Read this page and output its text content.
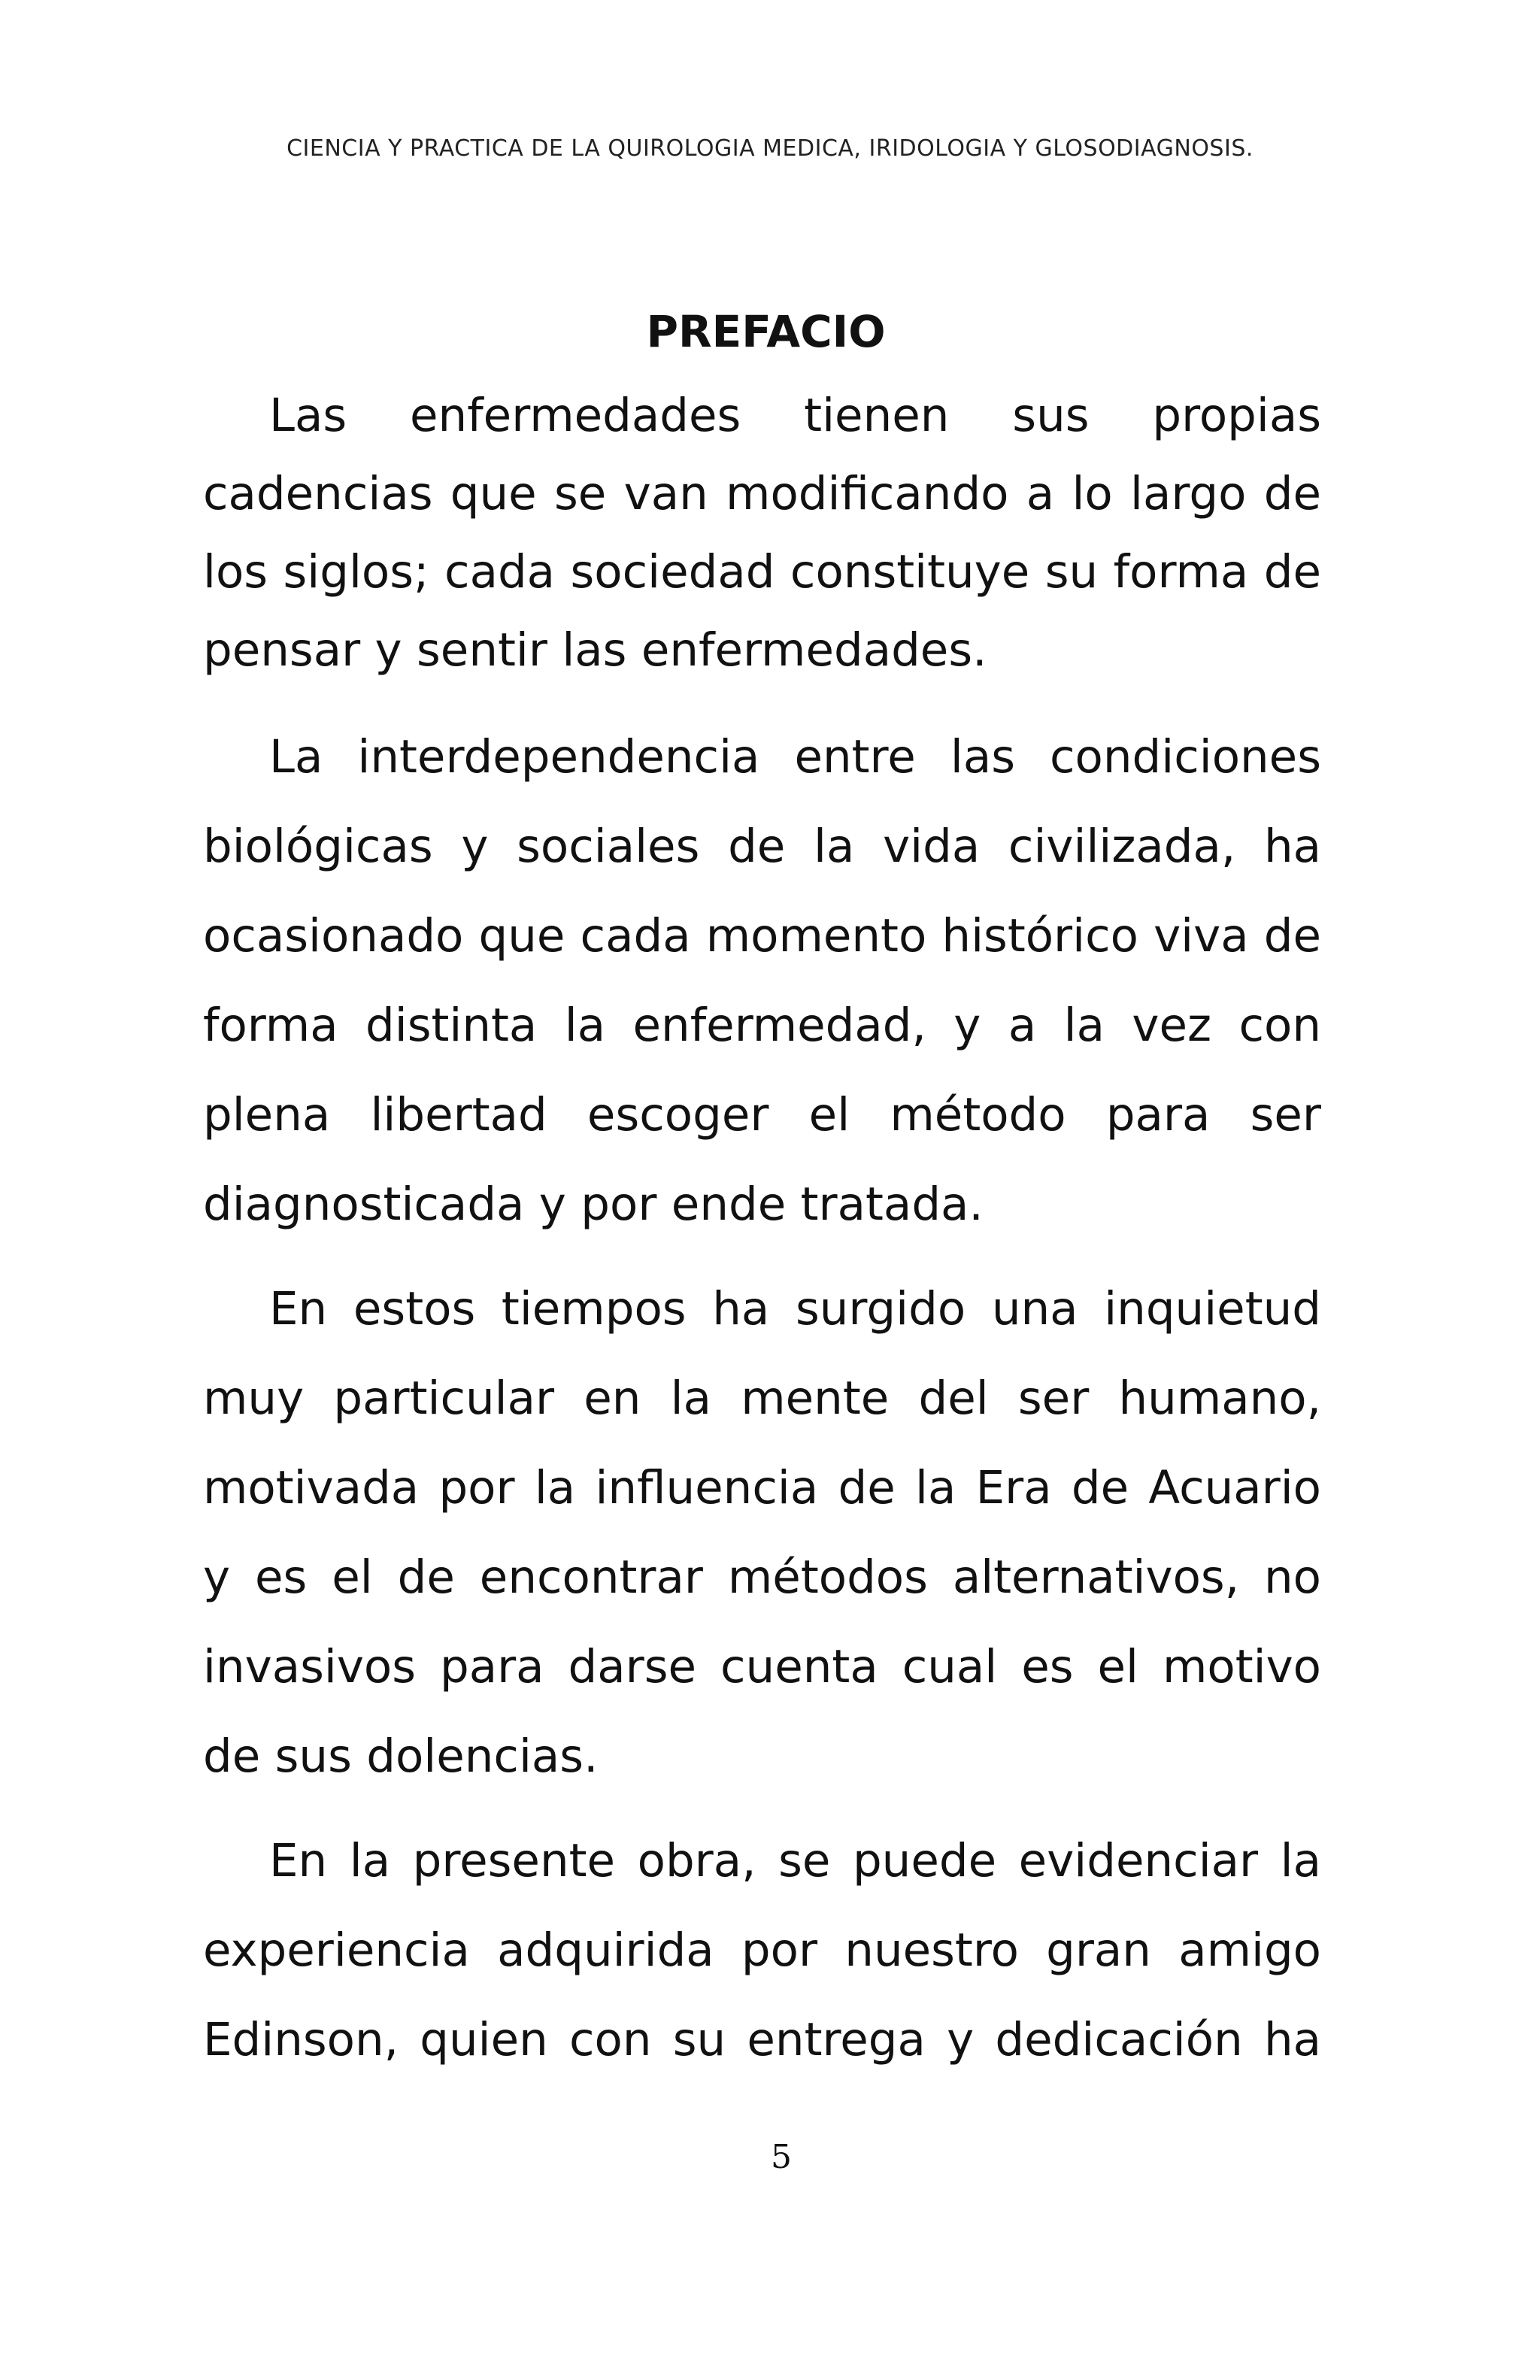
CIENCIA Y PRACTICA DE LA QUIROLOGIA MEDICA, IRIDOLOGIA Y GLOSODIAGNOSIS.
PREFACIO

Las enfermedades tienen sus propias cadencias que se van modificando a lo largo de los siglos; cada sociedad constituye su forma de pensar y sentir las enfermedades.

La interdependencia entre las condiciones biológicas y sociales de la vida civilizada, ha ocasionado que cada momento histórico viva de forma distinta la enfermedad, y a la vez con plena libertad escoger el método para ser diagnosticada y por ende tratada.

En estos tiempos ha surgido una inquietud muy particular en la mente del ser humano, motivada por la influencia de la Era de Acuario y es el de encontrar métodos alternativos, no invasivos para darse cuenta cual es el motivo de sus dolencias.

En la presente obra, se puede evidenciar la experiencia adquirida por nuestro gran amigo Edinson, quien con su entrega y dedicación ha

5
